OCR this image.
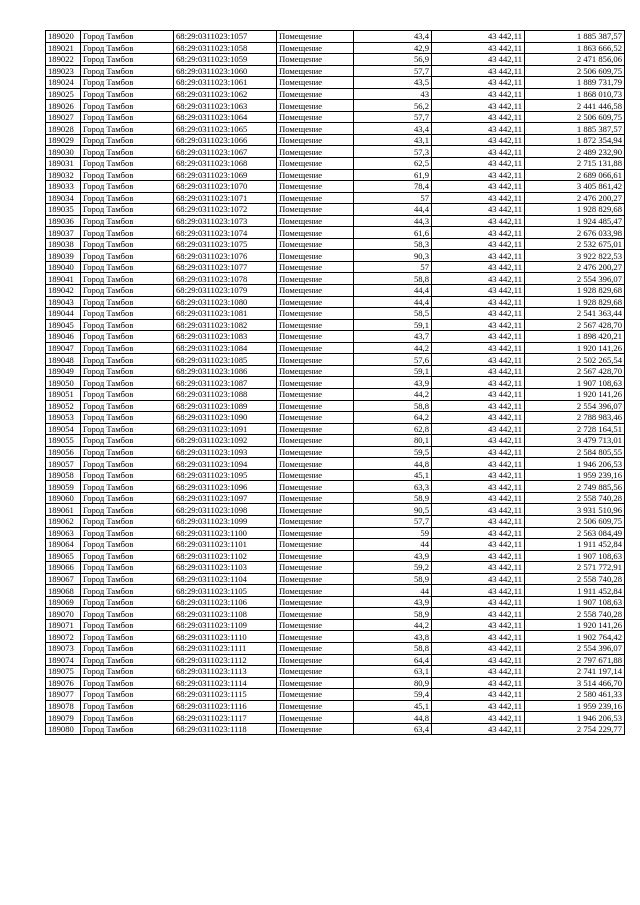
189020	Город Тамбов	68:29:0311023:1057	Помещение	43,4	43 442,11	1 885 387,57
189021	Город Тамбов	68:29:0311023:1058	Помещение	42,9	43 442,11	1 863 666,52
189022	Город Тамбов	68:29:0311023:1059	Помещение	56,9	43 442,11	2 471 856,06
189023	Город Тамбов	68:29:0311023:1060	Помещение	57,7	43 442,11	2 506 609,75
189024	Город Тамбов	68:29:0311023:1061	Помещение	43,5	43 442,11	1 889 731,79
189025	Город Тамбов	68:29:0311023:1062	Помещение	43	43 442,11	1 868 010,73
189026	Город Тамбов	68:29:0311023:1063	Помещение	56,2	43 442,11	2 441 446,58
189027	Город Тамбов	68:29:0311023:1064	Помещение	57,7	43 442,11	2 506 609,75
189028	Город Тамбов	68:29:0311023:1065	Помещение	43,4	43 442,11	1 885 387,57
189029	Город Тамбов	68:29:0311023:1066	Помещение	43,1	43 442,11	1 872 354,94
189030	Город Тамбов	68:29:0311023:1067	Помещение	57,3	43 442,11	2 489 232,90
189031	Город Тамбов	68:29:0311023:1068	Помещение	62,5	43 442,11	2 715 131,88
189032	Город Тамбов	68:29:0311023:1069	Помещение	61,9	43 442,11	2 689 066,61
189033	Город Тамбов	68:29:0311023:1070	Помещение	78,4	43 442,11	3 405 861,42
189034	Город Тамбов	68:29:0311023:1071	Помещение	57	43 442,11	2 476 200,27
189035	Город Тамбов	68:29:0311023:1072	Помещение	44,4	43 442,11	1 928 829,68
189036	Город Тамбов	68:29:0311023:1073	Помещение	44,3	43 442,11	1 924 485,47
189037	Город Тамбов	68:29:0311023:1074	Помещение	61,6	43 442,11	2 676 033,98
189038	Город Тамбов	68:29:0311023:1075	Помещение	58,3	43 442,11	2 532 675,01
189039	Город Тамбов	68:29:0311023:1076	Помещение	90,3	43 442,11	3 922 822,53
189040	Город Тамбов	68:29:0311023:1077	Помещение	57	43 442,11	2 476 200,27
189041	Город Тамбов	68:29:0311023:1078	Помещение	58,8	43 442,11	2 554 396,07
189042	Город Тамбов	68:29:0311023:1079	Помещение	44,4	43 442,11	1 928 829,68
189043	Город Тамбов	68:29:0311023:1080	Помещение	44,4	43 442,11	1 928 829,68
189044	Город Тамбов	68:29:0311023:1081	Помещение	58,5	43 442,11	2 541 363,44
189045	Город Тамбов	68:29:0311023:1082	Помещение	59,1	43 442,11	2 567 428,70
189046	Город Тамбов	68:29:0311023:1083	Помещение	43,7	43 442,11	1 898 420,21
189047	Город Тамбов	68:29:0311023:1084	Помещение	44,2	43 442,11	1 920 141,26
189048	Город Тамбов	68:29:0311023:1085	Помещение	57,6	43 442,11	2 502 265,54
189049	Город Тамбов	68:29:0311023:1086	Помещение	59,1	43 442,11	2 567 428,70
189050	Город Тамбов	68:29:0311023:1087	Помещение	43,9	43 442,11	1 907 108,63
189051	Город Тамбов	68:29:0311023:1088	Помещение	44,2	43 442,11	1 920 141,26
189052	Город Тамбов	68:29:0311023:1089	Помещение	58,8	43 442,11	2 554 396,07
189053	Город Тамбов	68:29:0311023:1090	Помещение	64,2	43 442,11	2 788 983,46
189054	Город Тамбов	68:29:0311023:1091	Помещение	62,8	43 442,11	2 728 164,51
189055	Город Тамбов	68:29:0311023:1092	Помещение	80,1	43 442,11	3 479 713,01
189056	Город Тамбов	68:29:0311023:1093	Помещение	59,5	43 442,11	2 584 805,55
189057	Город Тамбов	68:29:0311023:1094	Помещение	44,8	43 442,11	1 946 206,53
189058	Город Тамбов	68:29:0311023:1095	Помещение	45,1	43 442,11	1 959 239,16
189059	Город Тамбов	68:29:0311023:1096	Помещение	63,3	43 442,11	2 749 885,56
189060	Город Тамбов	68:29:0311023:1097	Помещение	58,9	43 442,11	2 558 740,28
189061	Город Тамбов	68:29:0311023:1098	Помещение	90,5	43 442,11	3 931 510,96
189062	Город Тамбов	68:29:0311023:1099	Помещение	57,7	43 442,11	2 506 609,75
189063	Город Тамбов	68:29:0311023:1100	Помещение	59	43 442,11	2 563 084,49
189064	Город Тамбов	68:29:0311023:1101	Помещение	44	43 442,11	1 911 452,84
189065	Город Тамбов	68:29:0311023:1102	Помещение	43,9	43 442,11	1 907 108,63
189066	Город Тамбов	68:29:0311023:1103	Помещение	59,2	43 442,11	2 571 772,91
189067	Город Тамбов	68:29:0311023:1104	Помещение	58,9	43 442,11	2 558 740,28
189068	Город Тамбов	68:29:0311023:1105	Помещение	44	43 442,11	1 911 452,84
189069	Город Тамбов	68:29:0311023:1106	Помещение	43,9	43 442,11	1 907 108,63
189070	Город Тамбов	68:29:0311023:1108	Помещение	58,9	43 442,11	2 558 740,28
189071	Город Тамбов	68:29:0311023:1109	Помещение	44,2	43 442,11	1 920 141,26
189072	Город Тамбов	68:29:0311023:1110	Помещение	43,8	43 442,11	1 902 764,42
189073	Город Тамбов	68:29:0311023:1111	Помещение	58,8	43 442,11	2 554 396,07
189074	Город Тамбов	68:29:0311023:1112	Помещение	64,4	43 442,11	2 797 671,88
189075	Город Тамбов	68:29:0311023:1113	Помещение	63,1	43 442,11	2 741 197,14
189076	Город Тамбов	68:29:0311023:1114	Помещение	80,9	43 442,11	3 514 466,70
189077	Город Тамбов	68:29:0311023:1115	Помещение	59,4	43 442,11	2 580 461,33
189078	Город Тамбов	68:29:0311023:1116	Помещение	45,1	43 442,11	1 959 239,16
189079	Город Тамбов	68:29:0311023:1117	Помещение	44,8	43 442,11	1 946 206,53
189080	Город Тамбов	68:29:0311023:1118	Помещение	63,4	43 442,11	2 754 229,77
